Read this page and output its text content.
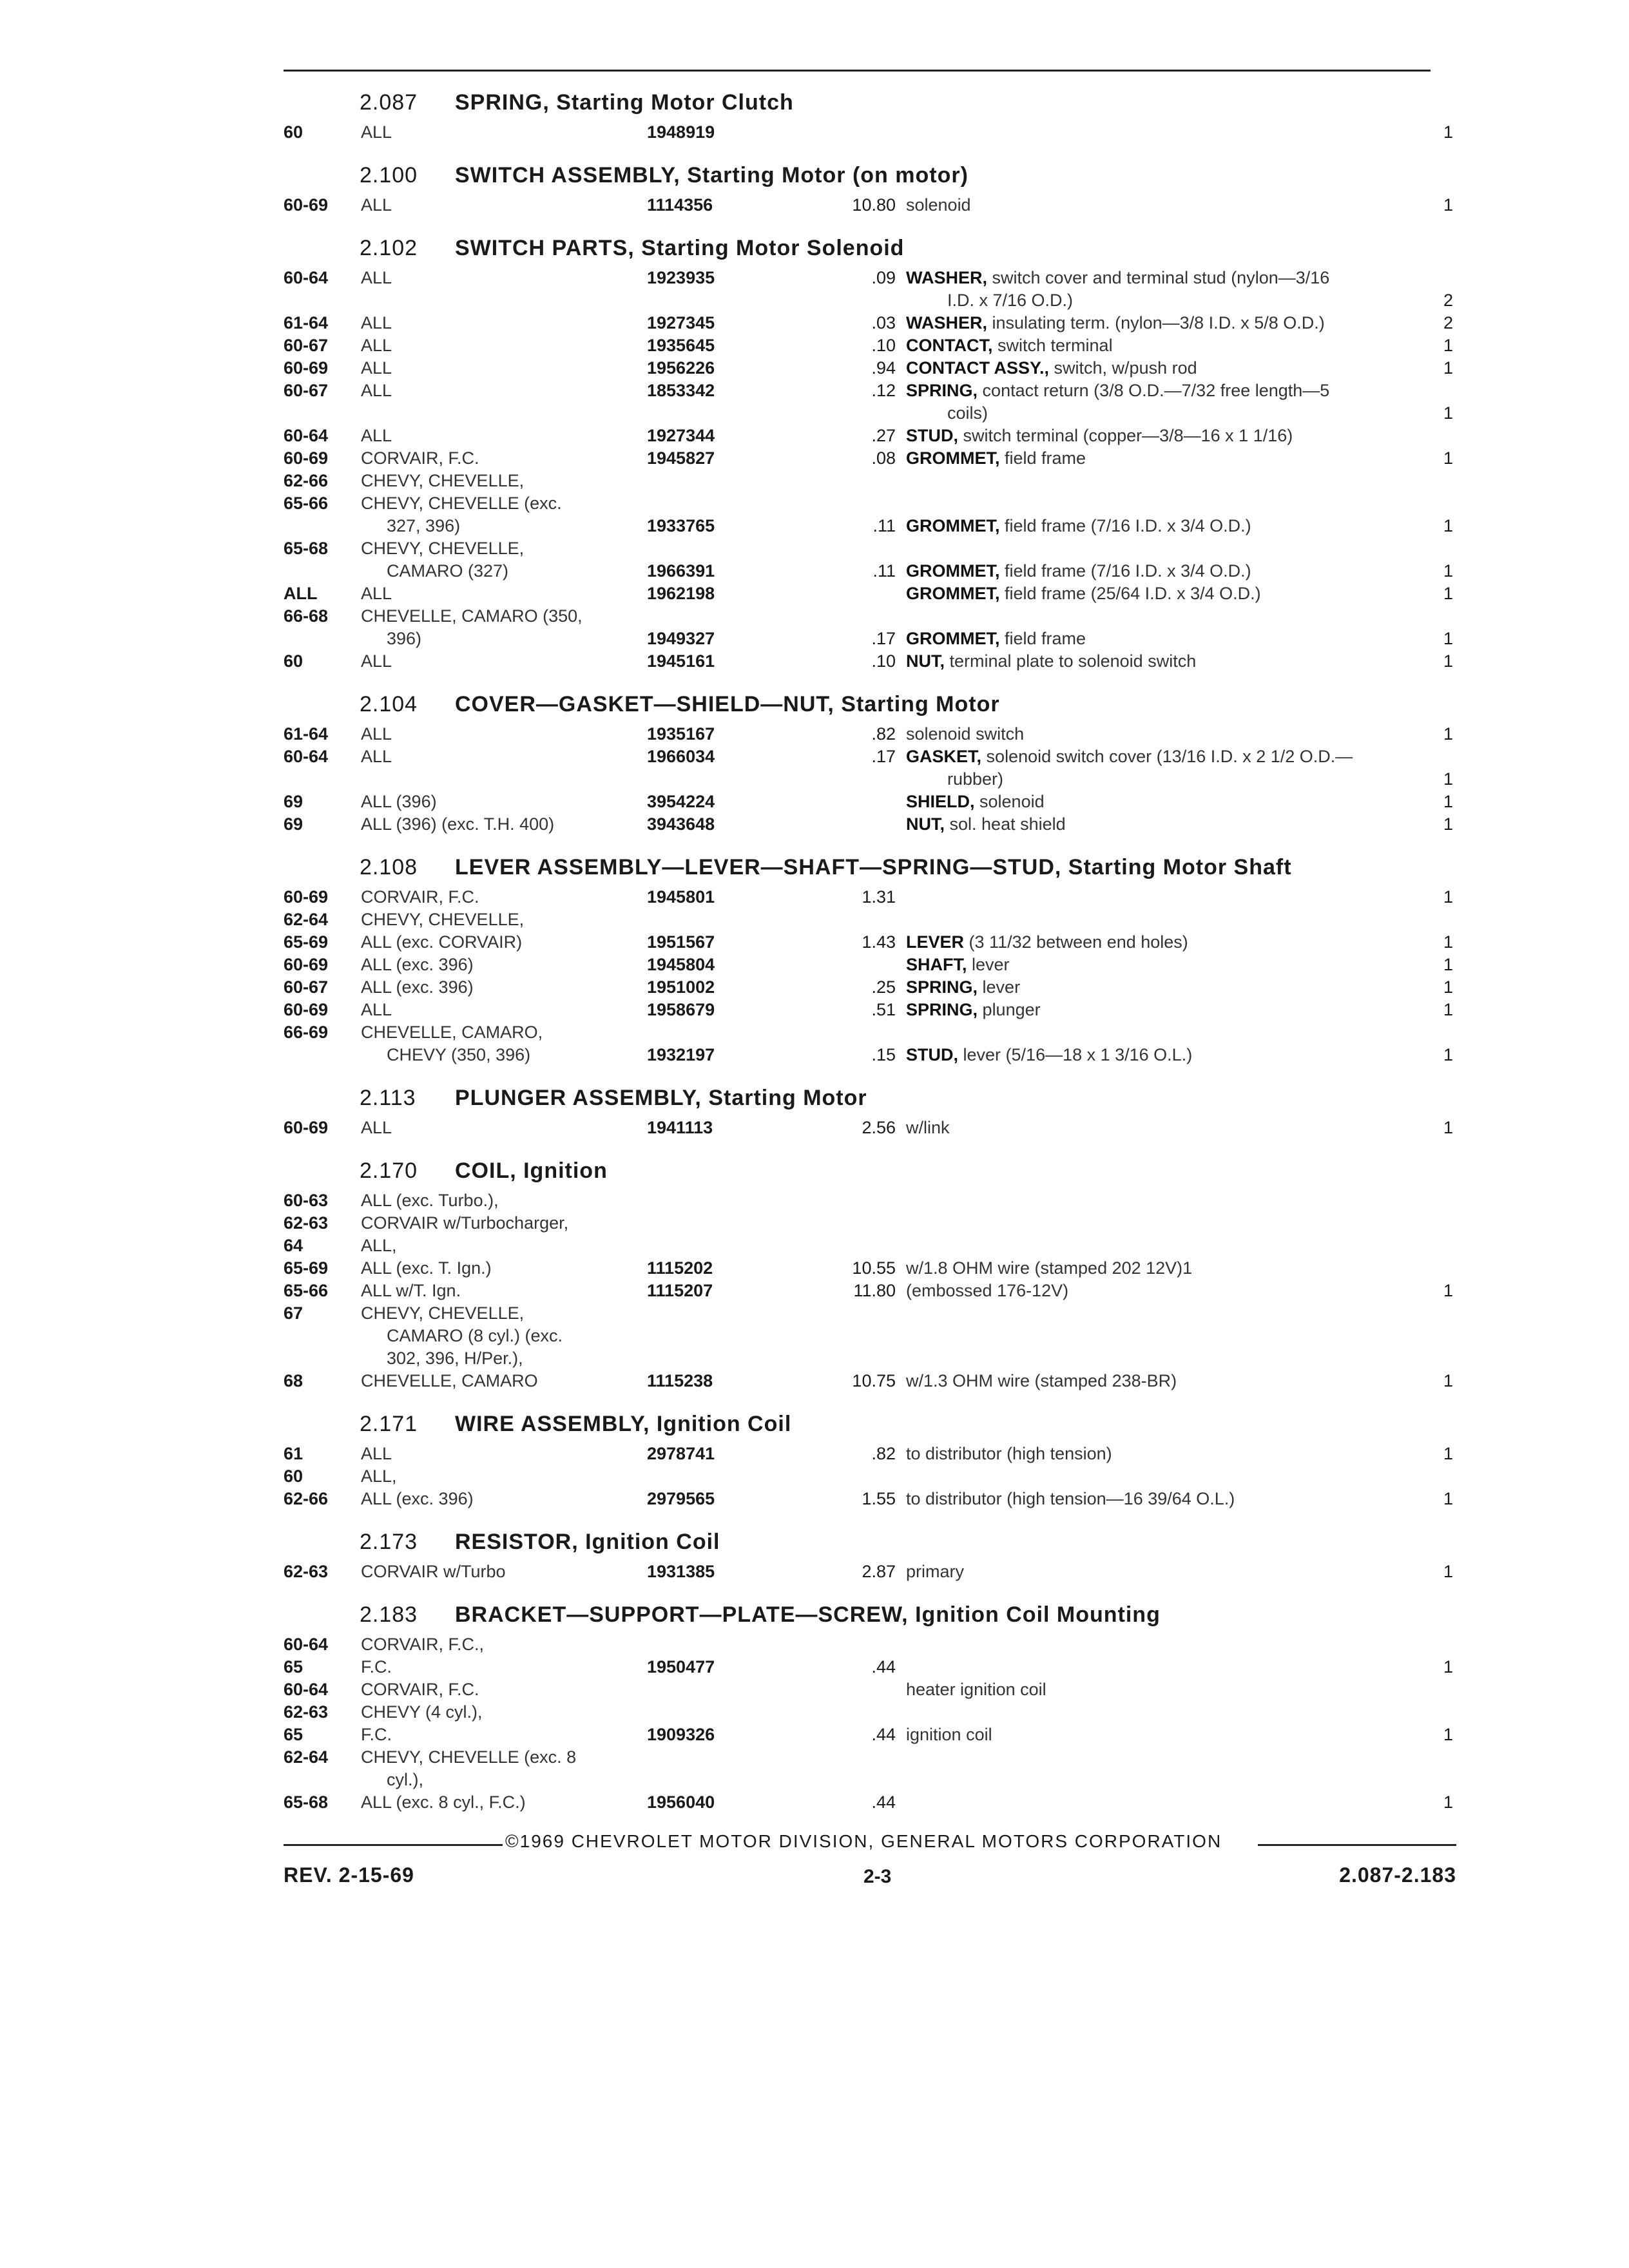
2.087 SPRING, Starting Motor Clutch
60	ALL	1948919	1
2.100 SWITCH ASSEMBLY, Starting Motor (on motor)
60-69 ALL	1114356	10.80 solenoid	1
2.102 SWITCH PARTS, Starting Motor Solenoid
60-64 ALL	1923935	.09 WASHER, switch cover and terminal stud (nylon—3/16
I.D. x 7/16 O.D.)	2
61-64 ALL	1927345	.03 WASHER, insulating term. (nylon—3/8 I.D. x 5/8 O.D.)	2
60-67 ALL	1935645	.10 CONTACT, switch terminal	1
60-69 ALL	1956226	.94 CONTACT ASSY., switch, w/push rod	1
60-67 ALL	1853342	.12 SPRING, contact return (3/8 O.D.—7/32 free length—5
coils)	1
60-64 ALL	1927344	.27 STUD, switch terminal (copper—3/8—16 x 1 1/16)
60-69 CORVAIR, F.C.	1945827	.08 GROMMET, field frame	1
62-66 CHEVY, CHEVELLE,
65-66 CHEVY, CHEVELLE (exc.
327, 396)	1933765	.11 GROMMET, field frame (7/16 I.D. x 3/4 O.D.)	1
65-68 CHEVY, CHEVELLE,
CAMARO (327)	1966391	.11 GROMMET, field frame (7/16 I.D. x 3/4 O.D.)	1
ALL	ALL	1962198	GROMMET, field frame (25/64 I.D. x 3/4 O.D.)	1
66-68 CHEVELLE, CAMARO (350,
396)	1949327	.17 GROMMET, field frame	1
60	ALL	1945161	.10 NUT, terminal plate to solenoid switch	1
2.104 COVER—GASKET—SHIELD—NUT, Starting Motor
61-64 ALL	1935167	.82 solenoid switch	1
60-64 ALL	1966034	.17 GASKET, solenoid switch cover (13/16 I.D. x 2 1/2 O.D.—
rubber)	1
69	ALL (396)	3954224	SHIELD, solenoid	1
69	ALL (396) (exc. T.H. 400)	3943648	NUT, sol. heat shield	1
2.108 LEVER ASSEMBLY—LEVER—SHAFT—SPRING—STUD, Starting Motor Shaft
60-69 CORVAIR, F.C.	1945801	1.31	1
62-64 CHEVY, CHEVELLE,
65-69 ALL (exc. CORVAIR)	1951567	1.43 LEVER (3 11/32 between end holes)	1
60-69 ALL (exc. 396)	1945804	SHAFT, lever	1
60-67 ALL (exc. 396)	1951002	.25 SPRING, lever	1
60-69 ALL	1958679	.51 SPRING, plunger	1
66-69 CHEVELLE, CAMARO,
CHEVY (350, 396)	1932197	.15 STUD, lever (5/16—18 x 1 3/16 O.L.)	1
2.113 PLUNGER ASSEMBLY, Starting Motor
60-69 ALL	1941113	2.56 w/link	1
2.170 COIL, Ignition
60-63 ALL (exc. Turbo.),
62-63 CORVAIR w/Turbocharger,
64	ALL,
65-69 ALL (exc. T. Ign.)	1115202	10.55 w/1.8 OHM wire (stamped 202 12V)1
65-66 ALL w/T. Ign.	1115207	11.80 (embossed 176-12V)	1
67	CHEVY, CHEVELLE,
CAMARO (8 cyl.) (exc.
302, 396, H/Per.),
68	CHEVELLE, CAMARO	1115238	10.75 w/1.3 OHM wire (stamped 238-BR)	1
2.171 WIRE ASSEMBLY, Ignition Coil
61	ALL	2978741	.82 to distributor (high tension)	1
60	ALL,
62-66 ALL (exc. 396)	2979565	1.55 to distributor (high tension—16 39/64 O.L.)	1
2.173 RESISTOR, Ignition Coil
62-63 CORVAIR w/Turbo	1931385	2.87 primary	1
2.183 BRACKET—SUPPORT—PLATE—SCREW, Ignition Coil Mounting
60-64 CORVAIR, F.C.,
65	F.C.	1950477	.44	1
60-64 CORVAIR, F.C.	heater ignition coil
62-63 CHEVY (4 cyl.),
65	F.C.	1909326	.44 ignition coil	1
62-64 CHEVY, CHEVELLE (exc. 8
cyl.),
65-68 ALL (exc. 8 cyl., F.C.)	1956040	.44	1
©1969 CHEVROLET MOTOR DIVISION, GENERAL MOTORS CORPORATION
REV. 2-15-69	2-3	2.087-2.183
